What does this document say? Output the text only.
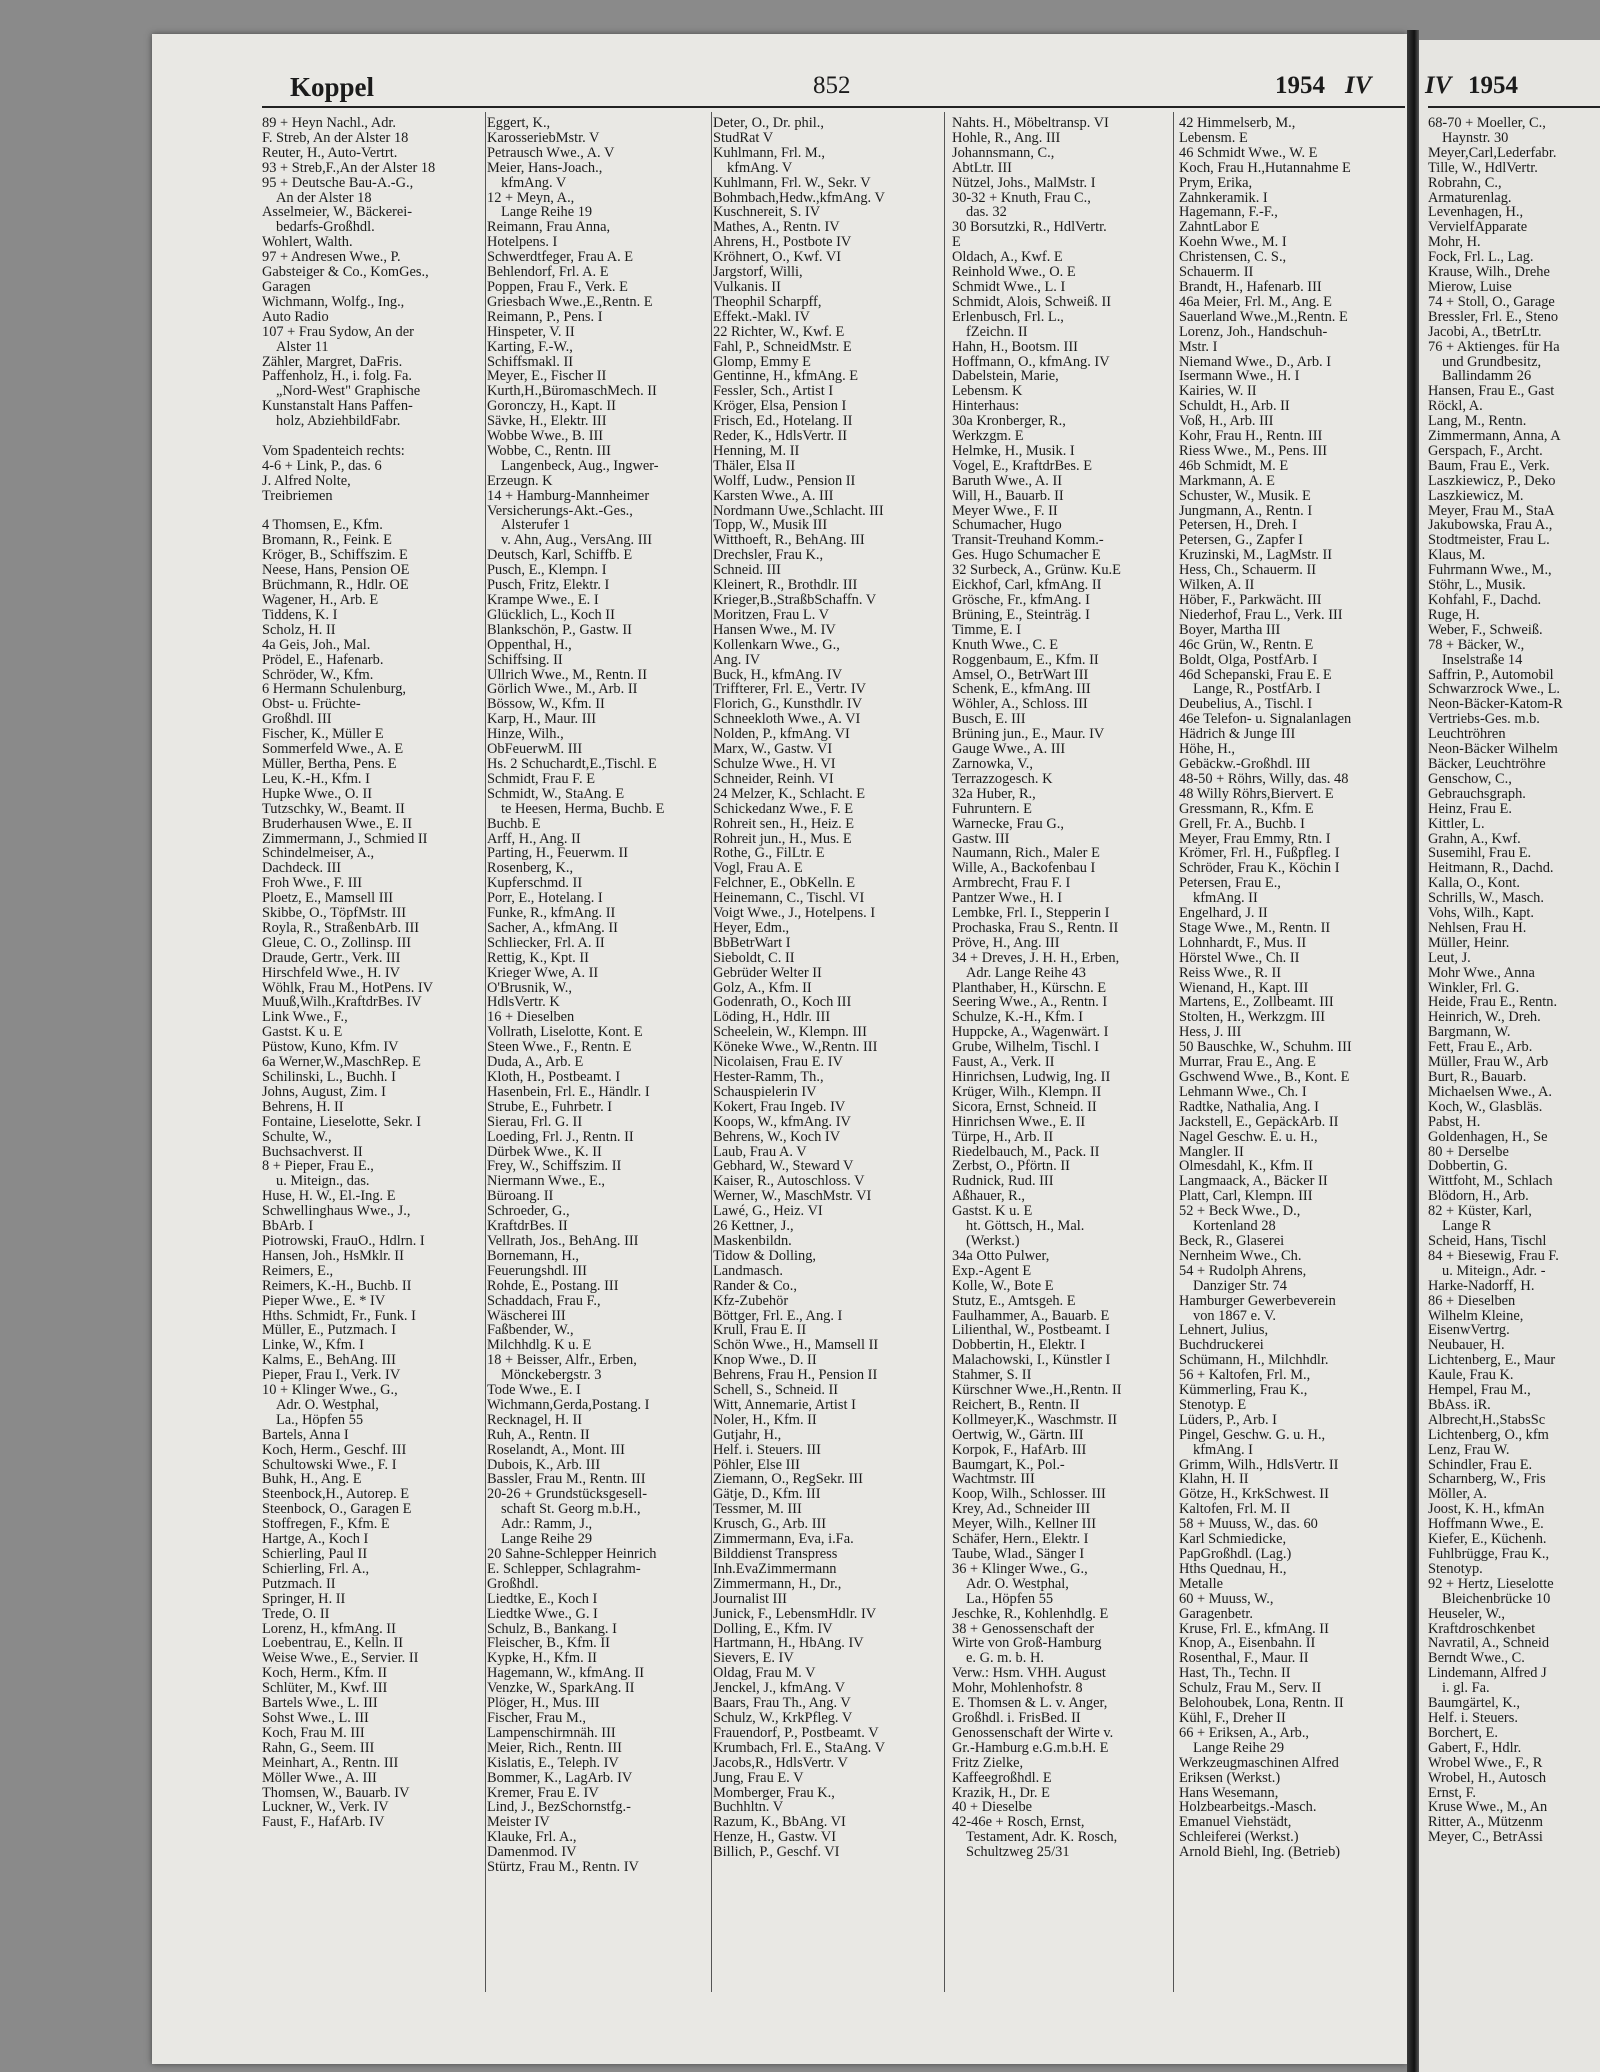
Koppel	852	1954 IV IV 1954
89 + Heyn Nachl., Adr.
F. Streb, An der Alster 18
Reuter, H., Auto-Vertrt.
93 + Streb,F.,An der Alster 18
95 + Deutsche Bau-A.-G.,
An der Alster 18
Asselmeier, W., Bäckerei-
bedarfs-Großhdl.
Wohlert, Walth.
97 + Andresen Wwe., P.
Gabsteiger & Co., KomGes.,
Garagen
Wichmann, Wolfg., Ing.,
Auto Radio
107 + Frau Sydow, An der
Alster 11
Zähler, Margret, DaFris.
Paffenholz, H., i. folg. Fa.
„Nord-West" Graphische
Kunstanstalt Hans Paffen-
holz, AbziehbildFabr.

Vom Spadenteich rechts:
4-6 + Link, P., das. 6
J. Alfred Nolte,
Treibriemen

4 Thomsen, E., Kfm.
Bromann, R., Feink. E
Kröger, B., Schiffszim. E
Neese, Hans, Pension OE
Brüchmann, R., Hdlr. OE
Wagener, H., Arb. E
Tiddens, K. I
Scholz, H. II
4a Geis, Joh., Mal.
Prödel, E., Hafenarb.
Schröder, W., Kfm.
6 Hermann Schulenburg,
Obst- u. Früchte-
Großhdl. III
Fischer, K., Müller E
Sommerfeld Wwe., A. E
Müller, Bertha, Pens. E
Leu, K.-H., Kfm. I
Hupke Wwe., O. II
Tutzschky, W., Beamt. II
Bruderhausen Wwe., E. II
Zimmermann, J., Schmied II
Schindelmeiser, A.,
Dachdeck. III
Froh Wwe., F. III
Ploetz, E., Mamsell III
Skibbe, O., TöpfMstr. III
Royla, R., StraßenbArb. III
Gleue, C. O., Zollinsp. III
Draude, Gertr., Verk. III
Hirschfeld Wwe., H. IV
Wöhlk, Frau M., HotPens. IV
Muuß,Wilh.,KraftdrBes. IV
Link Wwe., F.,
Gastst. K u. E
Püstow, Kuno, Kfm. IV
6a Werner,W.,MaschRep. E
Schilinski, L., Buchh. I
Johns, August, Zim. I
Behrens, H. II
Fontaine, Lieselotte, Sekr. I
Schulte, W.,
Buchsachverst. II
8 + Pieper, Frau E.,
u. Miteign., das.
Huse, H. W., El.-Ing. E
Schwellinghaus Wwe., J.,
BbArb. I
Piotrowski, FrauO., Hdlrn. I
Hansen, Joh., HsMklr. II
Reimers, E.,
Reimers, K.-H., Buchb. II
Pieper Wwe., E. * IV
Hths. Schmidt, Fr., Funk. I
Müller, E., Putzmach. I
Linke, W., Kfm. I
Kalms, E., BehAng. III
Pieper, Frau I., Verk. IV
10 + Klinger Wwe., G.,
Adr. O. Westphal,
La., Höpfen 55
Bartels, Anna I
Koch, Herm., Geschf. III
Schultowski Wwe., F. I
Buhk, H., Ang. E
Steenbock,H., Autorep. E
Steenbock, O., Garagen E
Stoffregen, F., Kfm. E
Hartge, A., Koch I
Schierling, Paul II
Schierling, Frl. A.,
Putzmach. II
Springer, H. II
Trede, O. II
Lorenz, H., kfmAng. II
Loebentrau, E., Kelln. II
Weise Wwe., E., Servier. II
Koch, Herm., Kfm. II
Schlüter, M., Kwf. III
Bartels Wwe., L. III
Sohst Wwe., L. III
Koch, Frau M. III
Rahn, G., Seem. III
Meinhart, A., Rentn. III
Möller Wwe., A. III
Thomsen, W., Bauarb. IV
Luckner, W., Verk. IV
Faust, F., HafArb. IV
Eggert, K.,
KarosseriebMstr. V
Petrausch Wwe., A. V
Meier, Hans-Joach.,
kfmAng. V
12 + Meyn, A.,
Lange Reihe 19
Reimann, Frau Anna,
Hotelpens. I
Schwerdtfeger, Frau A. E
Behlendorf, Frl. A. E
Poppen, Frau F., Verk. E
Griesbach Wwe.,E.,Rentn. E
Reimann, P., Pens. I
Hinspeter, V. II
Karting, F.-W.,
Schiffsmakl. II
Meyer, E., Fischer II
Kurth,H.,BüromaschMech. II
Goronczy, H., Kapt. II
Sävke, H., Elektr. III
Wobbe Wwe., B. III
Wobbe, C., Rentn. III
Langenbeck, Aug., Ingwer-
Erzeugn. K
14 + Hamburg-Mannheimer
Versicherungs-Akt.-Ges.,
Alsterufer 1
v. Ahn, Aug., VersAng. III
Deutsch, Karl, Schiffb. E
Pusch, E., Klempn. I
Pusch, Fritz, Elektr. I
Krampe Wwe., E. I
Glücklich, L., Koch II
Blankschön, P., Gastw. II
Oppenthal, H.,
Schiffsing. II
Ullrich Wwe., M., Rentn. II
Görlich Wwe., M., Arb. II
Bössow, W., Kfm. II
Karp, H., Maur. III
Hinze, Wilh.,
ObFeuerwM. III
Hs. 2 Schuchardt,E.,Tischl. E
Schmidt, Frau F. E
Schmidt, W., StaAng. E
te Heesen, Herma, Buchb. E
Buchb. E
Arff, H., Ang. II
Parting, H., Feuerwm. II
Rosenberg, K.,
Kupferschmd. II
Porr, E., Hotelang. I
Funke, R., kfmAng. II
Sacher, A., kfmAng. II
Schliecker, Frl. A. II
Rettig, K., Kpt. II
Krieger Wwe, A. II
O'Brusnik, W.,
HdlsVertr. K
16 + Dieselben
Vollrath, Liselotte, Kont. E
Steen Wwe., F., Rentn. E
Duda, A., Arb. E
Kloth, H., Postbeamt. I
Hasenbein, Frl. E., Händlr. I
Strube, E., Fuhrbetr. I
Sierau, Frl. G. II
Loeding, Frl. J., Rentn. II
Dürbek Wwe., K. II
Frey, W., Schiffszim. II
Niermann Wwe., E.,
Büroang. II
Schroeder, G.,
KraftdrBes. II
Vellrath, Jos., BehAng. III
Bornemann, H.,
Feuerungshdl. III
Rohde, E., Postang. III
Schaddach, Frau F.,
Wäscherei III
Faßbender, W.,
Milchhdlg. K u. E
18 + Beisser, Alfr., Erben,
Mönckebergstr. 3
Tode Wwe., E. I
Wichmann,Gerda,Postang. I
Recknagel, H. II
Ruh, A., Rentn. II
Roselandt, A., Mont. III
Dubois, K., Arb. III
Bassler, Frau M., Rentn. III
20-26 + Grundstücksgesell-
schaft St. Georg m.b.H.,
Adr.: Ramm, J.,
Lange Reihe 29
20 Sahne-Schlepper Heinrich
E. Schlepper, Schlagrahm-
Großhdl.
Liedtke, E., Koch I
Liedtke Wwe., G. I
Schulz, B., Bankang. I
Fleischer, B., Kfm. II
Kypke, H., Kfm. II
Hagemann, W., kfmAng. II
Venzke, W., SparkAng. II
Plöger, H., Mus. III
Fischer, Frau M.,
Lampenschirmnäh. III
Meier, Rich., Rentn. III
Kislatis, E., Teleph. IV
Bommer, K., LagArb. IV
Kremer, Frau E. IV
Lind, J., BezSchornstfg.-
Meister IV
Klauke, Frl. A.,
Damenmod. IV
Stürtz, Frau M., Rentn. IV
Deter, O., Dr. phil.,
StudRat V
Kuhlmann, Frl. M.,
kfmAng. V
Kuhlmann, Frl. W., Sekr. V
Bohmbach,Hedw.,kfmAng. V
Kuschnereit, S. IV
Mathes, A., Rentn. IV
Ahrens, H., Postbote IV
Kröhnert, O., Kwf. VI
Jargstorf, Willi,
Vulkanis. II
Theophil Scharpff,
Effekt.-Makl. IV
22 Richter, W., Kwf. E
Fahl, P., SchneidMstr. E
Glomp, Emmy E
Gentinne, H., kfmAng. E
Fessler, Sch., Artist I
Kröger, Elsa, Pension I
Frisch, Ed., Hotelang. II
Reder, K., HdlsVertr. II
Henning, M. II
Thäler, Elsa II
Wolff, Ludw., Pension II
Karsten Wwe., A. III
Nordmann Uwe.,Schlacht. III
Topp, W., Musik III
Witthoeft, R., BehAng. III
Drechsler, Frau K.,
Schneid. III
Kleinert, R., Brothdlr. III
Krieger,B.,StraßbSchaffn. V
Moritzen, Frau L. V
Hansen Wwe., M. IV
Kollenkarn Wwe., G.,
Ang. IV
Buck, H., kfmAng. IV
Triffterer, Frl. E., Vertr. IV
Florich, G., Kunsthdlr. IV
Schneekloth Wwe., A. VI
Nolden, P., kfmAng. VI
Marx, W., Gastw. VI
Schulze Wwe., H. VI
Schneider, Reinh. VI
24 Melzer, K., Schlacht. E
Schickedanz Wwe., F. E
Rohreit sen., H., Heiz. E
Rohreit jun., H., Mus. E
Rothe, G., FilLtr. E
Vogl, Frau A. E
Felchner, E., ObKelln. E
Heinemann, C., Tischl. VI
Voigt Wwe., J., Hotelpens. I
Heyer, Edm.,
BbBetrWart I
Sieboldt, C. II
Gebrüder Welter II
Golz, A., Kfm. II
Godenrath, O., Koch III
Löding, H., Hdlr. III
Scheelein, W., Klempn. III
Köneke Wwe., W.,Rentn. III
Nicolaisen, Frau E. IV
Hester-Ramm, Th.,
Schauspielerin IV
Kokert, Frau Ingeb. IV
Koops, W., kfmAng. IV
Behrens, W., Koch IV
Laub, Frau A. V
Gebhard, W., Steward V
Kaiser, R., Autoschloss. V
Werner, W., MaschMstr. VI
Lawé, G., Heiz. VI
26 Kettner, J.,
Maskenbildn.
Tidow & Dolling,
Landmasch.
Rander & Co.,
Kfz-Zubehör
Böttger, Frl. E., Ang. I
Krull, Frau E. II
Schön Wwe., H., Mamsell II
Knop Wwe., D. II
Behrens, Frau H., Pension II
Schell, S., Schneid. II
Witt, Annemarie, Artist I
Noler, H., Kfm. II
Gutjahr, H.,
Helf. i. Steuers. III
Pöhler, Else III
Ziemann, O., RegSekr. III
Gätje, D., Kfm. III
Tessmer, M. III
Krusch, G., Arb. III
Zimmermann, Eva, i.Fa.
Bilddienst Transpress
Inh.EvaZimmermann
Zimmermann, H., Dr.,
Journalist III
Junick, F., LebensmHdlr. IV
Dolling, E., Kfm. IV
Hartmann, H., HbAng. IV
Sievers, E. IV
Oldag, Frau M. V
Jenckel, J., kfmAng. V
Baars, Frau Th., Ang. V
Schulz, W., KrkPfleg. V
Frauendorf, P., Postbeamt. V
Krumbach, Frl. E., StaAng. V
Jacobs,R., HdlsVertr. V
Jung, Frau E. V
Momberger, Frau K.,
Buchhltn. V
Razum, K., BbAng. VI
Henze, H., Gastw. VI
Billich, P., Geschf. VI
Nahts. H., Möbeltransp. VI
Hohle, R., Ang. III
Johannsmann, C.,
AbtLtr. III
Nützel, Johs., MalMstr. I
30-32 + Knuth, Frau C.,
das. 32
30 Borsutzki, R., HdlVertr.
E
Oldach, A., Kwf. E
Reinhold Wwe., O. E
Schmidt Wwe., L. I
Schmidt, Alois, Schweiß. II
Erlenbusch, Frl. L.,
fZeichn. II
Hahn, H., Bootsm. III
Hoffmann, O., kfmAng. IV
Dabelstein, Marie,
Lebensm. K
Hinterhaus:
30a Kronberger, R.,
Werkzgm. E
Helmke, H., Musik. I
Vogel, E., KraftdrBes. E
Baruth Wwe., A. II
Will, H., Bauarb. II
Meyer Wwe., F. II
Schumacher, Hugo
Transit-Treuhand Komm.-
Ges. Hugo Schumacher E
32 Surbeck, A., Grünw. Ku.E
Eickhof, Carl, kfmAng. II
Grösche, Fr., kfmAng. I
Brüning, E., Steinträg. I
Timme, E. I
Knuth Wwe., C. E
Roggenbaum, E., Kfm. II
Amsel, O., BetrWart III
Schenk, E., kfmAng. III
Wöhler, A., Schloss. III
Busch, E. III
Brüning jun., E., Maur. IV
Gauge Wwe., A. III
Zarnowka, V.,
Terrazzogesch. K
32a Huber, R.,
Fuhruntern. E
Warnecke, Frau G.,
Gastw. III
Naumann, Rich., Maler E
Wille, A., Backofenbau I
Armbrecht, Frau F. I
Pantzer Wwe., H. I
Lembke, Frl. I., Stepperin I
Prochaska, Frau S., Rentn. II
Pröve, H., Ang. III
34 + Dreves, J. H. H., Erben,
Adr. Lange Reihe 43
Planthaber, H., Kürschn. E
Seering Wwe., A., Rentn. I
Schulze, K.-H., Kfm. I
Huppcke, A., Wagenwärt. I
Grube, Wilhelm, Tischl. I
Faust, A., Verk. II
Hinrichsen, Ludwig, Ing. II
Krüger, Wilh., Klempn. II
Sicora, Ernst, Schneid. II
Hinrichsen Wwe., E. II
Türpe, H., Arb. II
Riedelbauch, M., Pack. II
Zerbst, O., Pförtn. II
Rudnick, Rud. III
Aßhauer, R.,
Gastst. K u. E
ht. Göttsch, H., Mal.
(Werkst.)
34a Otto Pulwer,
Exp.-Agent E
Kolle, W., Bote E
Stutz, E., Amtsgeh. E
Faulhammer, A., Bauarb. E
Lilienthal, W., Postbeamt. I
Dobbertin, H., Elektr. I
Malachowski, I., Künstler I
Stahmer, S. II
Kürschner Wwe.,H.,Rentn. II
Reichert, B., Rentn. II
Kollmeyer,K., Waschmstr. II
Oertwig, W., Gärtn. III
Korpok, F., HafArb. III
Baumgart, K., Pol.-
Wachtmstr. III
Koop, Wilh., Schlosser. III
Krey, Ad., Schneider III
Meyer, Wilh., Kellner III
Schäfer, Hern., Elektr. I
Taube, Wlad., Sänger I
36 + Klinger Wwe., G.,
Adr. O. Westphal,
La., Höpfen 55
Jeschke, R., Kohlenhdlg. E
38 + Genossenschaft der
Wirte von Groß-Hamburg
e. G. m. b. H.
Verw.: Hsm. VHH. August
Mohr, Mohlenhofstr. 8
E. Thomsen & L. v. Anger,
Großhdl. i. FrisBed. II
Genossenschaft der Wirte v.
Gr.-Hamburg e.G.m.b.H. E
Fritz Zielke,
Kaffeegroßhdl. E
Krazik, H., Dr. E
40 + Dieselbe
42-46e + Rosch, Ernst,
Testament, Adr. K. Rosch,
Schultzweg 25/31
42 Himmelserb, M.,
Lebensm. E
46 Schmidt Wwe., W. E
Koch, Frau H.,Hutannahme E
Prym, Erika,
Zahnkeramik. I
Hagemann, F.-F.,
ZahntLabor E
Koehn Wwe., M. I
Christensen, C. S.,
Schauerm. II
Brandt, H., Hafenarb. III
46a Meier, Frl. M., Ang. E
Sauerland Wwe.,M.,Rentn. E
Lorenz, Joh., Handschuh-
Mstr. I
Niemand Wwe., D., Arb. I
Isermann Wwe., H. I
Kairies, W. II
Schuldt, H., Arb. II
Voß, H., Arb. III
Kohr, Frau H., Rentn. III
Riess Wwe., M., Pens. III
46b Schmidt, M. E
Markmann, A. E
Schuster, W., Musik. E
Jungmann, A., Rentn. I
Petersen, H., Dreh. I
Petersen, G., Zapfer I
Kruzinski, M., LagMstr. II
Hess, Ch., Schauerm. II
Wilken, A. II
Höber, F., Parkwächt. III
Niederhof, Frau L., Verk. III
Boyer, Martha III
46c Grün, W., Rentn. E
Boldt, Olga, PostfArb. I
46d Schepanski, Frau E. E
Lange, R., PostfArb. I
Deubelius, A., Tischl. I
46e Telefon- u. Signalanlagen
Hädrich & Junge III
Höhe, H.,
Gebäckw.-Großhdl. III
48-50 + Röhrs, Willy, das. 48
48 Willy Röhrs,Biervert. E
Gressmann, R., Kfm. E
Grell, Fr. A., Buchb. I
Meyer, Frau Emmy, Rtn. I
Krömer, Frl. H., Fußpfleg. I
Schröder, Frau K., Köchin I
Petersen, Frau E.,
kfmAng. II
Engelhard, J. II
Stage Wwe., M., Rentn. II
Lohnhardt, F., Mus. II
Hörstel Wwe., Ch. II
Reiss Wwe., R. II
Wienand, H., Kapt. III
Martens, E., Zollbeamt. III
Stolten, H., Werkzgm. III
Hess, J. III
50 Bauschke, W., Schuhm. III
Murrar, Frau E., Ang. E
Gschwend Wwe., B., Kont. E
Lehmann Wwe., Ch. I
Radtke, Nathalia, Ang. I
Jackstell, E., GepäckArb. II
Nagel Geschw. E. u. H.,
Mangler. II
Olmesdahl, K., Kfm. II
Langmaack, A., Bäcker II
Platt, Carl, Klempn. III
52 + Beck Wwe., D.,
Kortenland 28
Beck, R., Glaserei
Nernheim Wwe., Ch.
54 + Rudolph Ahrens,
Danziger Str. 74
Hamburger Gewerbeverein
von 1867 e. V.
Lehnert, Julius,
Buchdruckerei
Schümann, H., Milchhdlr.
56 + Kaltofen, Frl. M.,
Kümmerling, Frau K.,
Stenotyp. E
Lüders, P., Arb. I
Pingel, Geschw. G. u. H.,
kfmAng. I
Grimm, Wilh., HdlsVertr. II
Klahn, H. II
Götze, H., KrkSchwest. II
Kaltofen, Frl. M. II
58 + Muuss, W., das. 60
Karl Schmiedicke,
PapGroßhdl. (Lag.)
Hths Quednau, H.,
Metalle
60 + Muuss, W.,
Garagenbetr.
Kruse, Frl. E., kfmAng. II
Knop, A., Eisenbahn. II
Rosenthal, F., Maur. II
Hast, Th., Techn. II
Schulz, Frau M., Serv. II
Belohoubek, Lona, Rentn. II
Kühl, F., Dreher II
66 + Eriksen, A., Arb.,
Lange Reihe 29
Werkzeugmaschinen Alfred
Eriksen (Werkst.)
Hans Wesemann,
Holzbearbeitgs.-Masch.
Emanuel Viehstädt,
Schleiferei (Werkst.)
Arnold Biehl, Ing. (Betrieb)
68-70 + Moeller, C.,
Haynstr. 30
Meyer,Carl,Lederfabr.
Tille, W., HdlVertr.
Robrahn, C.,
Armaturenlag.
Levenhagen, H.,
VervielfApparate
Mohr, H.
Fock, Frl. L., Lag.
Krause, Wilh., Drehe
Mierow, Luise
74 + Stoll, O., Garage
Bressler, Frl. E., Steno
Jacobi, A., tBetrLtr.
76 + Aktienges. für Ha
und Grundbesitz,
Ballindamm 26
Hansen, Frau E., Gast
Röckl, A.
Lang, M., Rentn.
Zimmermann, Anna, A
Gerspach, F., Archt.
Baum, Frau E., Verk.
Laszkiewicz, P., Deko
Laszkiewicz, M.
Meyer, Frau M., StaA
Jakubowska, Frau A.,
Stodtmeister, Frau L.
Klaus, M.
Fuhrmann Wwe., M.,
Stöhr, L., Musik.
Kohfahl, F., Dachd.
Ruge, H.
Weber, F., Schweiß.
78 + Bäcker, W.,
Inselstraße 14
Saffrin, P., Automobil
Schwarzrock Wwe., L.
Neon-Bäcker-Katom-R
Vertriebs-Ges. m.b.
Leuchtröhren
Neon-Bäcker Wilhelm
Bäcker, Leuchtröhre
Genschow, C.,
Gebrauchsgraph.
Heinz, Frau E.
Kittler, L.
Grahn, A., Kwf.
Susemihl, Frau E.
Heitmann, R., Dachd.
Kalla, O., Kont.
Schrills, W., Masch.
Vohs, Wilh., Kapt.
Nehlsen, Frau H.
Müller, Heinr.
Leut, J.
Mohr Wwe., Anna
Winkler, Frl. G.
Heide, Frau E., Rentn.
Heinrich, W., Dreh.
Bargmann, W.
Fett, Frau E., Arb.
Müller, Frau W., Arb
Burt, R., Bauarb.
Michaelsen Wwe., A.
Koch, W., Glasbläs.
Pabst, H.
Goldenhagen, H., Se
80 + Derselbe
Dobbertin, G.
Wittfoht, M., Schlach
Blödorn, H., Arb.
82 + Küster, Karl,
Lange R
Scheid, Hans, Tischl
84 + Biesewig, Frau F.
u. Miteign., Adr. -
Harke-Nadorff, H.
86 + Dieselben
Wilhelm Kleine,
EisenwVertrg.
Neubauer, H.
Lichtenberg, E., Maur
Kaule, Frau K.
Hempel, Frau M.,
BbAss. iR.
Albrecht,H.,StabsSc
Lichtenberg, O., kfm
Lenz, Frau W.
Schindler, Frau E.
Scharnberg, W., Fris
Möller, A.
Joost, K. H., kfmAn
Hoffmann Wwe., E.
Kiefer, E., Küchenh.
Fuhlbrügge, Frau K.,
Stenotyp.
92 + Hertz, Lieselotte
Bleichenbrücke 10
Heuseler, W.,
Kraftdroschkenbet
Navratil, A., Schneid
Berndt Wwe., C.
Lindemann, Alfred J
i. gl. Fa.
Baumgärtel, K.,
Helf. i. Steuers.
Borchert, E.
Gabert, F., Hdlr.
Wrobel Wwe., F., R
Wrobel, H., Autosch
Ernst, F.
Kruse Wwe., M., An
Ritter, A., Mützenm
Meyer, C., BetrAssi
